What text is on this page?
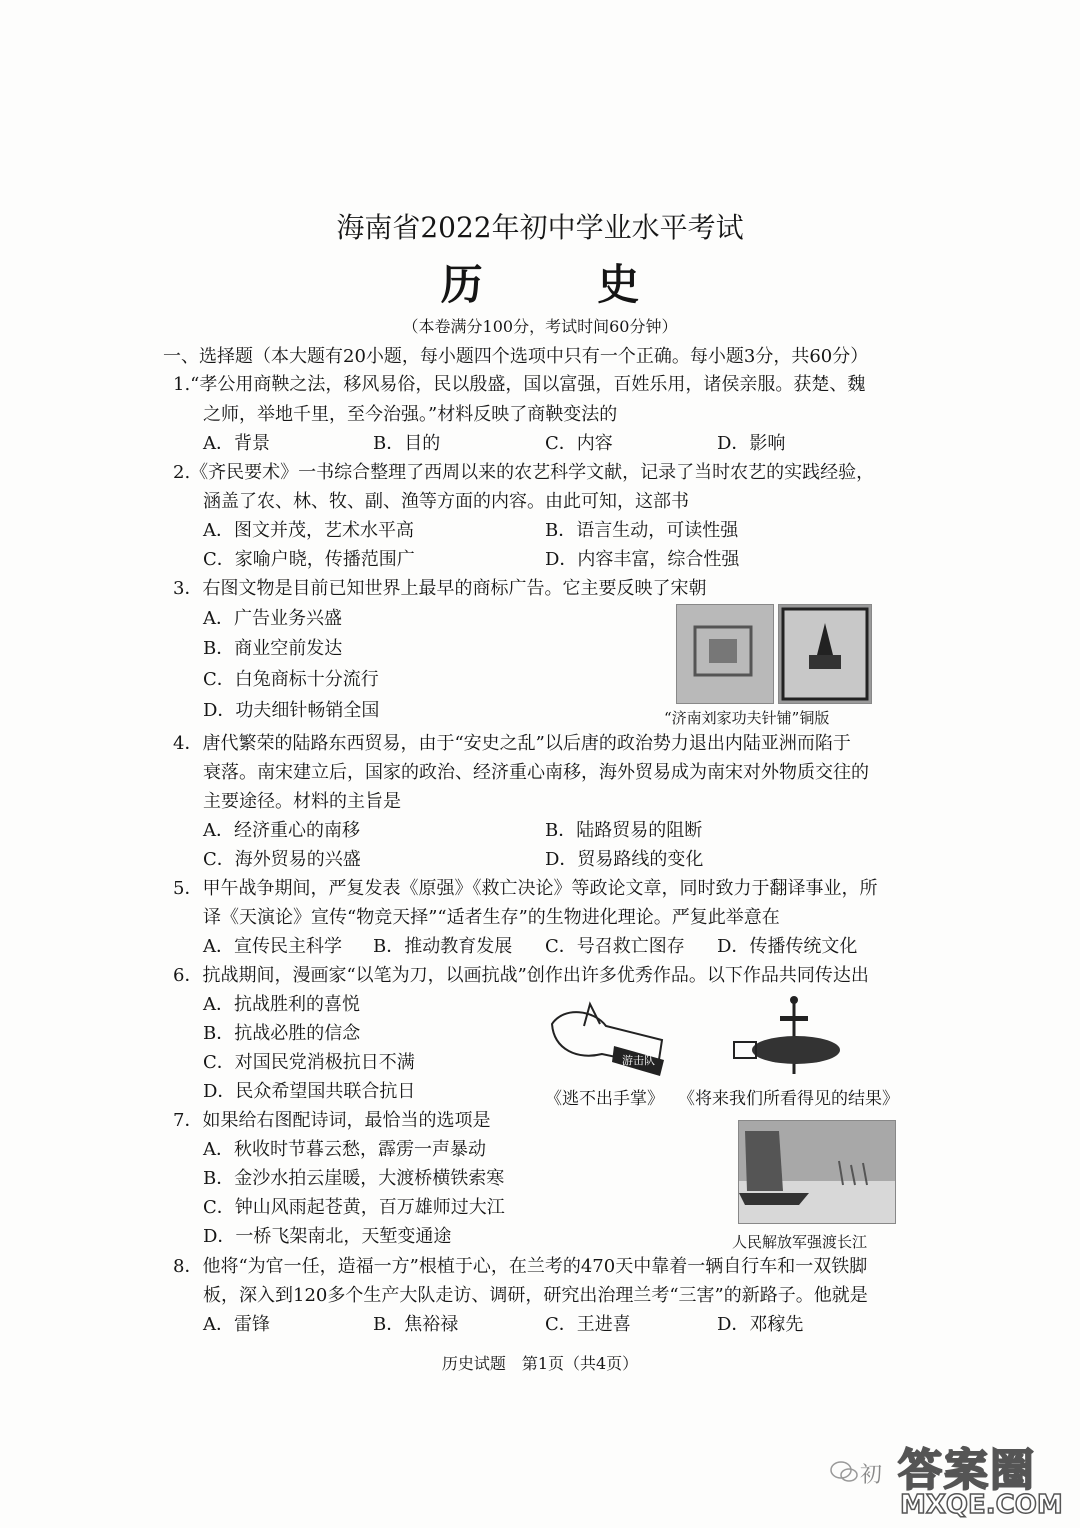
海南省2022年初中学业水平考试
历 史
（本卷满分100分，考试时间60分钟）
一、选择题（本大题有20小题，每小题四个选项中只有一个正确。每小题3分，共60分）
1.“孝公用商鞅之法，移风易俗，民以殷盛，国以富强，百姓乐用，诸侯亲服。获楚、魏
之师，举地千里，至今治强。”材料反映了商鞅变法的
A．背景	B．目的	C．内容	D．影响
2.《齐民要术》一书综合整理了西周以来的农艺科学文献，记录了当时农艺的实践经验，
涵盖了农、林、牧、副、渔等方面的内容。由此可知，这部书
A．图文并茂，艺术水平高	B．语言生动，可读性强
C．家喻户晓，传播范围广	D．内容丰富，综合性强
3．右图文物是目前已知世界上最早的商标广告。它主要反映了宋朝
A．广告业务兴盛
B．商业空前发达
C．白兔商标十分流行
D．功夫细针畅销全国	“济南刘家功夫针铺”铜版
4．唐代繁荣的陆路东西贸易，由于“安史之乱”以后唐的政治势力退出内陆亚洲而陷于
衰落。南宋建立后，国家的政治、经济重心南移，海外贸易成为南宋对外物质交往的
主要途径。材料的主旨是
A．经济重心的南移	B．陆路贸易的阻断
C．海外贸易的兴盛	D．贸易路线的变化
5．甲午战争期间，严复发表《原强》《救亡决论》等政论文章，同时致力于翻译事业，所
译《天演论》宣传“物竞天择”“适者生存”的生物进化理论。严复此举意在
A．宣传民主科学 B．推动教育发展 C．号召救亡图存 D．传播传统文化
6．抗战期间，漫画家“以笔为刀，以画抗战”创作出许多优秀作品。以下作品共同传达出
A．抗战胜利的喜悦
B．抗战必胜的信念
C．对国民党消极抗日不满
D．民众希望国共联合抗日
游击队
《逃不出手掌》 《将来我们所看得见的结果》
7．如果给右图配诗词，最恰当的选项是
A．秋收时节暮云愁，霹雳一声暴动
B．金沙水拍云崖暖，大渡桥横铁索寒
C．钟山风雨起苍黄，百万雄师过大江
D．一桥飞架南北，天堑变通途	人民解放军强渡长江
8．他将“为官一任，造福一方”根植于心，在兰考的470天中靠着一辆自行车和一双铁脚
板，深入到120多个生产大队走访、调研，研究出治理兰考“三害”的新路子。他就是
A．雷锋	B．焦裕禄	C．王进喜	D．邓稼先
历史试题　第1页（共4页）
初 答案圈
MXQE.COM
